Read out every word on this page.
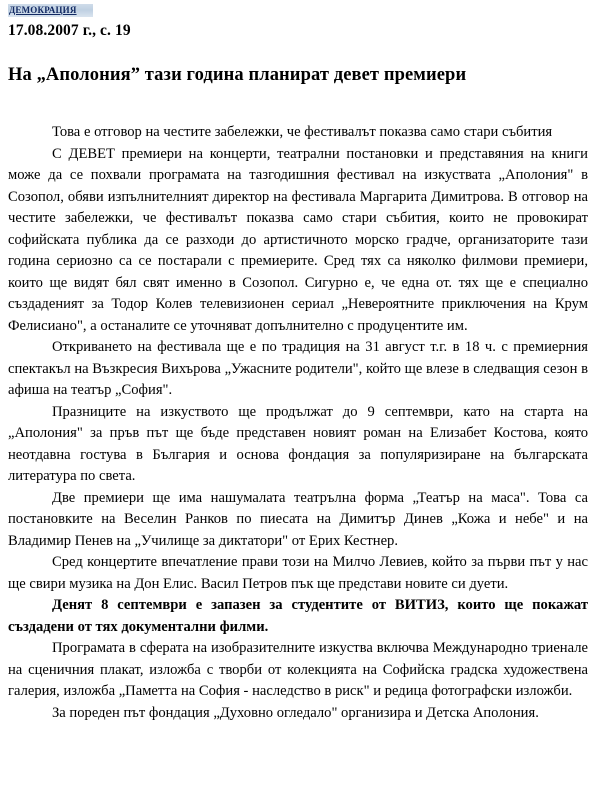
ДЕМОКРАЦИЯ
17.08.2007 г., с. 19
На „Аполония” тази година планират девет премиери

Това е отговор на честите забележки, че фестивалът показва само стари събития

С ДЕВЕТ премиери на концерти, театрални постановки и представяния на книги може да се похвали програмата на тазгодишния фестивал на изкуствата „Аполония" в Созопол, обяви изпълнителният директор на фестивала Маргарита Димитрова. В отговор на честите забележки, че фестивалът показва само стари събития, които не провокират софийската публика да се разходи до артистичното морско градче, организаторите тази година сериозно са се постарали с премиерите. Сред тях са няколко филмови премиери, които ще видят бял свят именно в Созопол. Сигурно е, че една от. тях ще е специално създаденият за Тодор Колев телевизионен сериал „Невероятните приключения на Крум Фелисиано", а останалите се уточняват допълнително с продуцентите им.

Откриването на фестивала ще е по традиция на 31 август т.г. в 18 ч. с премиерния спектакъл на Възкресия Вихърова „Ужасните родители", който ще влезе в следващия сезон в афиша на театър „София".

Празниците на изкуството ще продължат до 9 септември, като на старта на „Аполония" за пръв път ще бъде представен новият роман на Елизабет Костова, която неотдавна гостува в България и основа фондация за популяризиране на българската литература по света.

Две премиери ще има нашумалата театрълна форма „Театър на маса". Това са постановките на Веселин Ранков по пиесата на Димитър Динев „Кожа и небе" и на Владимир Пенев на „Училище за диктатори" от Ерих Кестнер.

Сред концертите впечатление прави този на Милчо Левиев, който за първи път у нас ще свири музика на Дон Елис. Васил Петров пък ще представи новите си дуети.

Денят 8 септември е запазен за студентите от ВИТИЗ, които ще покажат създадени от тях документални филми.

Програмата в сферата на изобразителните изкуства включва Международно триенале на сценичния плакат, изложба с творби от колекцията на Софийска градска художествена галерия, изложба „Паметта на София - наследство в риск" и редица фотографски изложби.

За пореден път фондация „Духовно огледало" организира и Детска Аполония.
